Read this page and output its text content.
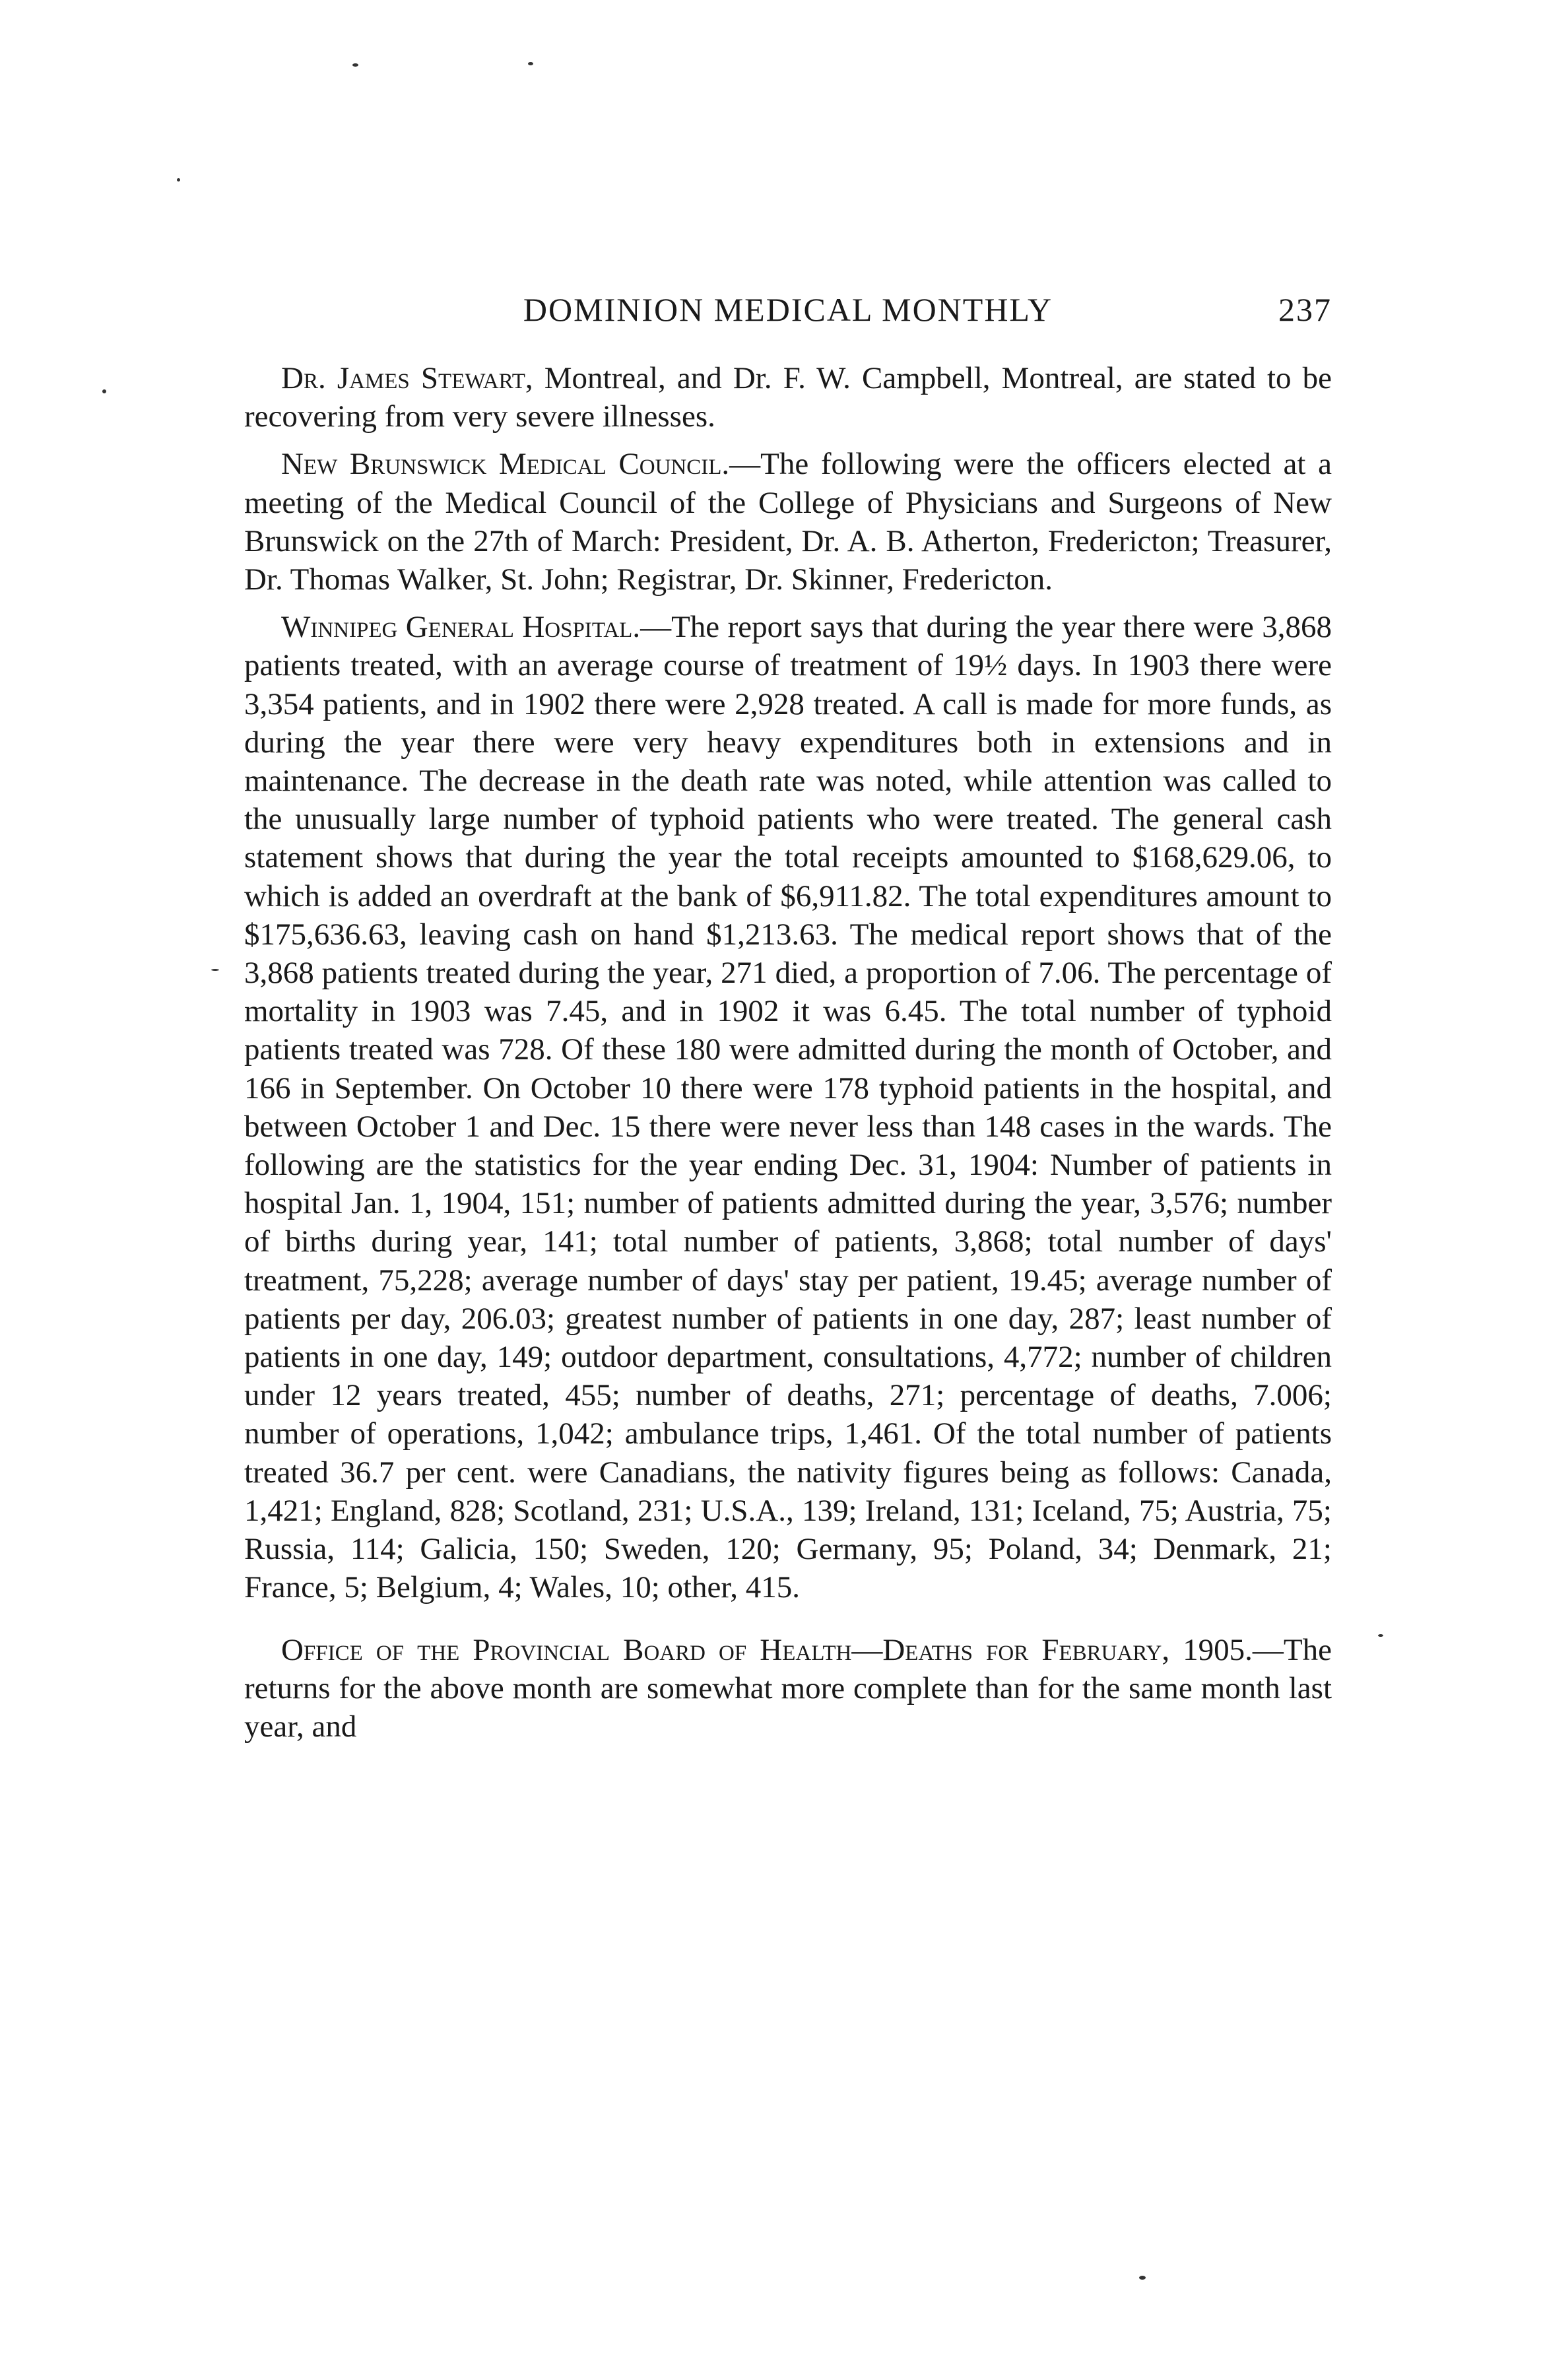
DOMINION MEDICAL MONTHLY	237

Dr. James Stewart, Montreal, and Dr. F. W. Campbell, Montreal, are stated to be recovering from very severe illnesses.

New Brunswick Medical Council.—The following were the officers elected at a meeting of the Medical Council of the College of Physicians and Surgeons of New Brunswick on the 27th of March: President, Dr. A. B. Atherton, Fredericton; Treasurer, Dr. Thomas Walker, St. John; Registrar, Dr. Skinner, Fredericton.

Winnipeg General Hospital.—The report says that during the year there were 3,868 patients treated, with an average course of treatment of 19½ days. In 1903 there were 3,354 patients, and in 1902 there were 2,928 treated. A call is made for more funds, as during the year there were very heavy expenditures both in extensions and in maintenance. The decrease in the death rate was noted, while attention was called to the unusually large number of typhoid patients who were treated. The general cash statement shows that during the year the total receipts amounted to $168,629.06, to which is added an overdraft at the bank of $6,911.82. The total expenditures amount to $175,636.63, leaving cash on hand $1,213.63. The medical report shows that of the 3,868 patients treated during the year, 271 died, a proportion of 7.06. The percentage of mortality in 1903 was 7.45, and in 1902 it was 6.45. The total number of typhoid patients treated was 728. Of these 180 were admitted during the month of October, and 166 in September. On October 10 there were 178 typhoid patients in the hospital, and between October 1 and Dec. 15 there were never less than 148 cases in the wards. The following are the statistics for the year ending Dec. 31, 1904: Number of patients in hospital Jan. 1, 1904, 151; number of patients admitted during the year, 3,576; number of births during year, 141; total number of patients, 3,868; total number of days' treatment, 75,228; average number of days' stay per patient, 19.45; average number of patients per day, 206.03; greatest number of patients in one day, 287; least number of patients in one day, 149; outdoor department, consultations, 4,772; number of children under 12 years treated, 455; number of deaths, 271; percentage of deaths, 7.006; number of operations, 1,042; ambulance trips, 1,461. Of the total number of patients treated 36.7 per cent. were Canadians, the nativity figures being as follows: Canada, 1,421; England, 828; Scotland, 231; U.S.A., 139; Ireland, 131; Iceland, 75; Austria, 75; Russia, 114; Galicia, 150; Sweden, 120; Germany, 95; Poland, 34; Denmark, 21; France, 5; Belgium, 4; Wales, 10; other, 415.

Office of the Provincial Board of Health—Deaths for February, 1905.—The returns for the above month are somewhat more complete than for the same month last year, and
